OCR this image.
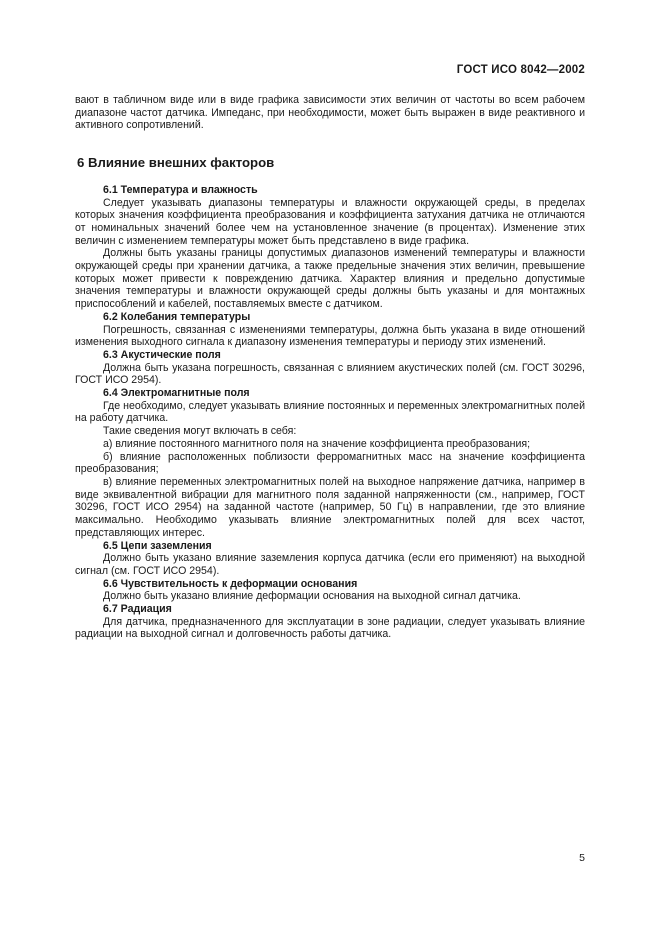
ГОСТ ИСО 8042—2002

вают в табличном виде или в виде графика зависимости этих величин от частоты во всем рабочем диапазоне частот датчика. Импеданс, при необходимости, может быть выражен в виде реактивного и активного сопротивлений.

6 Влияние внешних факторов

6.1 Температура и влажность

Следует указывать диапазоны температуры и влажности окружающей среды, в пределах которых значения коэффициента преобразования и коэффициента затухания датчика не отличаются от номинальных значений более чем на установленное значение (в процентах). Изменение этих величин с изменением температуры может быть представлено в виде графика.

Должны быть указаны границы допустимых диапазонов изменений температуры и влажности окружающей среды при хранении датчика, а также предельные значения этих величин, превышение которых может привести к повреждению датчика. Характер влияния и предельно допустимые значения температуры и влажности окружающей среды должны быть указаны и для монтажных приспособлений и кабелей, поставляемых вместе с датчиком.

6.2 Колебания температуры

Погрешность, связанная с изменениями температуры, должна быть указана в виде отношений изменения выходного сигнала к диапазону изменения температуры и периоду этих изменений.

6.3 Акустические поля

Должна быть указана погрешность, связанная с влиянием акустических полей (см. ГОСТ 30296, ГОСТ ИСО 2954).

6.4 Электромагнитные поля

Где необходимо, следует указывать влияние постоянных и переменных электромагнитных полей на работу датчика.

Такие сведения могут включать в себя:

а) влияние постоянного магнитного поля на значение коэффициента преобразования;

б) влияние расположенных поблизости ферромагнитных масс на значение коэффициента преобразования;

в) влияние переменных электромагнитных полей на выходное напряжение датчика, например в виде эквивалентной вибрации для магнитного поля заданной напряженности (см., например, ГОСТ 30296, ГОСТ ИСО 2954) на заданной частоте (например, 50 Гц) в направлении, где это влияние максимально. Необходимо указывать влияние электромагнитных полей для всех частот, представляющих интерес.

6.5 Цепи заземления

Должно быть указано влияние заземления корпуса датчика (если его применяют) на выходной сигнал (см. ГОСТ ИСО 2954).

6.6 Чувствительность к деформации основания

Должно быть указано влияние деформации основания на выходной сигнал датчика.

6.7 Радиация

Для датчика, предназначенного для эксплуатации в зоне радиации, следует указывать влияние радиации на выходной сигнал и долговечность работы датчика.

5
